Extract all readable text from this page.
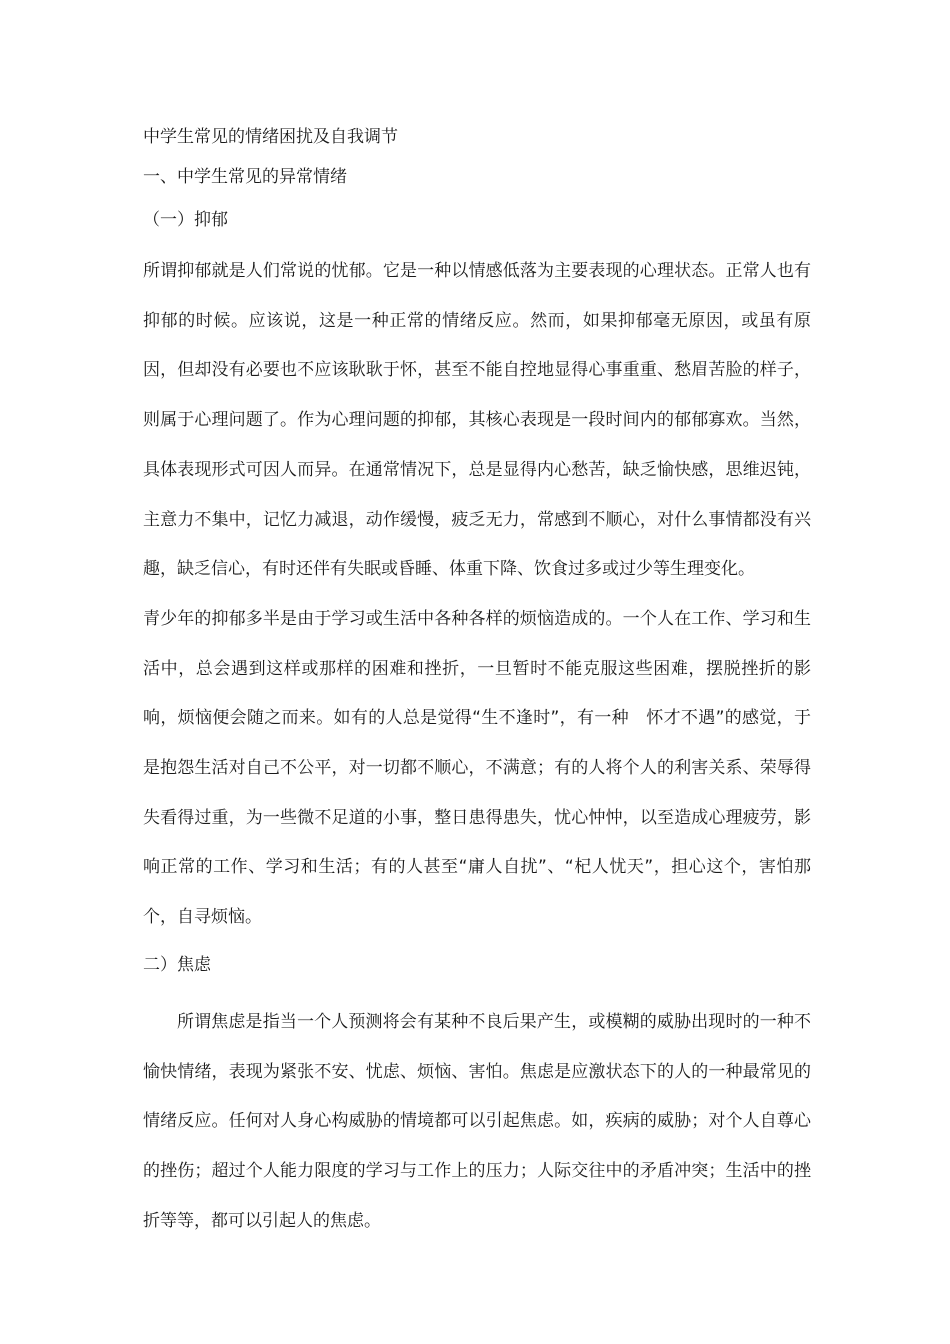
中学生常见的情绪困扰及自我调节

一、中学生常见的异常情绪

（一）抑郁

所谓抑郁就是人们常说的忧郁。它是一种以情感低落为主要表现的心理状态。正常人也有抑郁的时候。应该说，这是一种正常的情绪反应。然而，如果抑郁毫无原因，或虽有原因，但却没有必要也不应该耿耿于怀，甚至不能自控地显得心事重重、愁眉苦脸的样子，则属于心理问题了。作为心理问题的抑郁，其核心表现是一段时间内的郁郁寡欢。当然，具体表现形式可因人而异。在通常情况下，总是显得内心愁苦，缺乏愉快感，思维迟钝，主意力不集中，记忆力减退，动作缓慢，疲乏无力，常感到不顺心，对什么事情都没有兴趣，缺乏信心，有时还伴有失眠或昏睡、体重下降、饮食过多或过少等生理变化。

青少年的抑郁多半是由于学习或生活中各种各样的烦恼造成的。一个人在工作、学习和生活中，总会遇到这样或那样的困难和挫折，一旦暂时不能克服这些困难，摆脱挫折的影响，烦恼便会随之而来。如有的人总是觉得“生不逢时”，有一种　怀才不遇”的感觉，于是抱怨生活对自己不公平，对一切都不顺心，不满意；有的人将个人的利害关系、荣辱得失看得过重，为一些微不足道的小事，整日患得患失，忧心忡忡，以至造成心理疲劳，影响正常的工作、学习和生活；有的人甚至“庸人自扰”、“杞人忧天”，担心这个，害怕那个，自寻烦恼。

二）焦虑

所谓焦虑是指当一个人预测将会有某种不良后果产生，或模糊的威胁出现时的一种不愉快情绪，表现为紧张不安、忧虑、烦恼、害怕。焦虑是应激状态下的人的一种最常见的情绪反应。任何对人身心构威胁的情境都可以引起焦虑。如，疾病的威胁；对个人自尊心的挫伤；超过个人能力限度的学习与工作上的压力；人际交往中的矛盾冲突；生活中的挫折等等，都可以引起人的焦虑。
